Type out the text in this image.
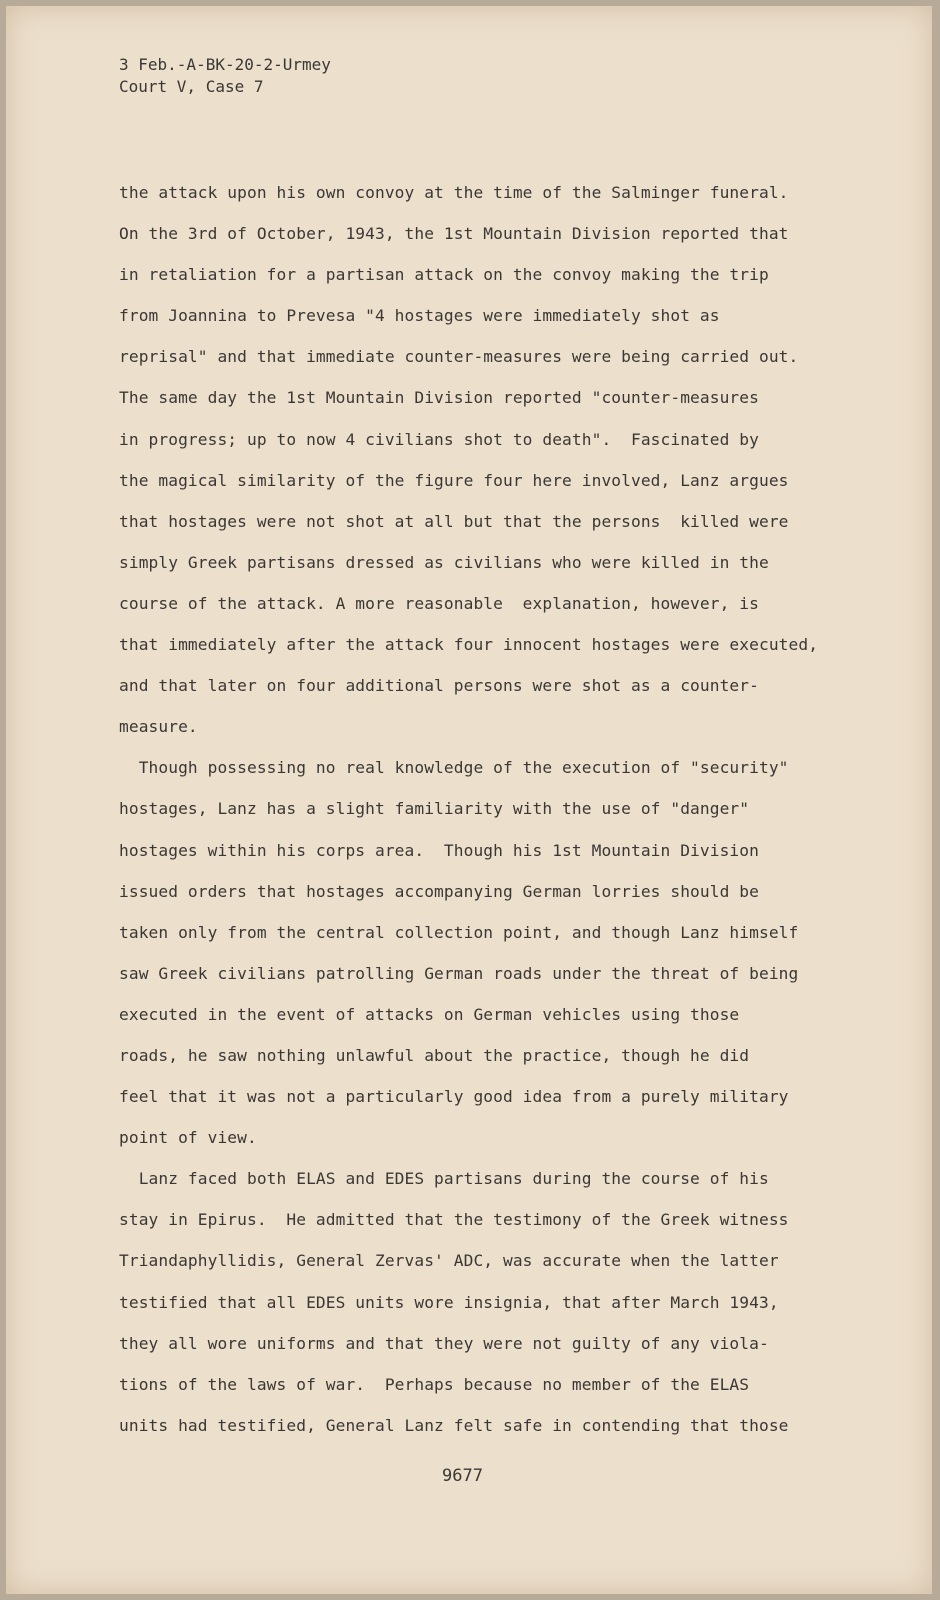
3 Feb.-A-BK-20-2-Urmey
Court V, Case 7
the attack upon his own convoy at the time of the Salminger funeral.
On the 3rd of October, 1943, the 1st Mountain Division reported that
in retaliation for a partisan attack on the convoy making the trip
from Joannina to Prevesa "4 hostages were immediately shot as
reprisal" and that immediate counter-measures were being carried out.
The same day the 1st Mountain Division reported "counter-measures
in progress; up to now 4 civilians shot to death".  Fascinated by
the magical similarity of the figure four here involved, Lanz argues
that hostages were not shot at all but that the persons  killed were
simply Greek partisans dressed as civilians who were killed in the
course of the attack. A more reasonable  explanation, however, is
that immediately after the attack four innocent hostages were executed,
and that later on four additional persons were shot as a counter-
measure.
Though possessing no real knowledge of the execution of "security"
hostages, Lanz has a slight familiarity with the use of "danger"
hostages within his corps area.  Though his 1st Mountain Division
issued orders that hostages accompanying German lorries should be
taken only from the central collection point, and though Lanz himself
saw Greek civilians patrolling German roads under the threat of being
executed in the event of attacks on German vehicles using those
roads, he saw nothing unlawful about the practice, though he did
feel that it was not a particularly good idea from a purely military
point of view.
Lanz faced both ELAS and EDES partisans during the course of his
stay in Epirus.  He admitted that the testimony of the Greek witness
Triandaphyllidis, General Zervas' ADC, was accurate when the latter
testified that all EDES units wore insignia, that after March 1943,
they all wore uniforms and that they were not guilty of any viola-
tions of the laws of war.  Perhaps because no member of the ELAS
units had testified, General Lanz felt safe in contending that those
9677
